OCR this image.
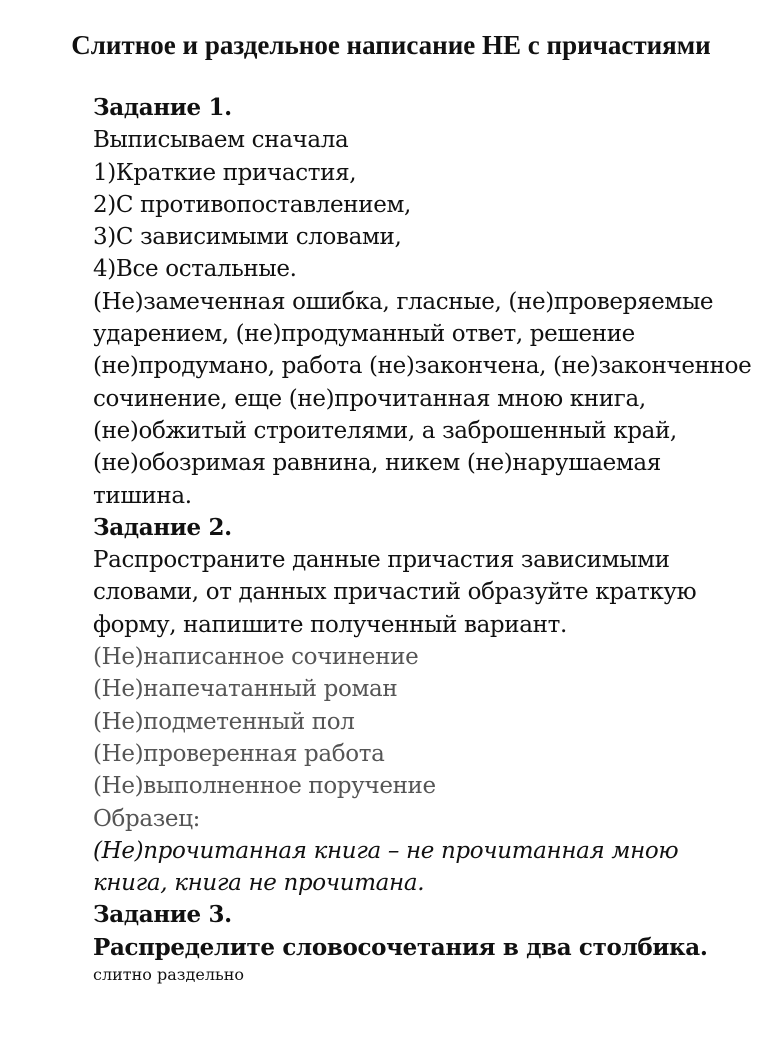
Слитное и раздельное написание НЕ с причастиями

Задание 1.

Выписываем сначала

1)Краткие причастия,

2)С противопоставлением,

3)С зависимыми словами,

4)Все остальные.

(Не)замеченная ошибка, гласные, (не)проверяемые ударением, (не)продуманный ответ, решение (не)продумано, работа (не)закончена, (не)законченное сочинение, еще (не)прочитанная мною книга, (не)обжитый строителями, а заброшенный край, (не)обозримая равнина, никем (не)нарушаемая тишина.

Задание 2.

Распространите данные причастия зависимыми словами, от данных причастий образуйте краткую форму, напишите полученный вариант.

(Не)написанное сочинение

(Не)напечатанный роман

(Не)подметенный пол

(Не)проверенная работа

(Не)выполненное поручение

Образец:

(Не)прочитанная книга – не прочитанная мною книга, книга не прочитана.

Задание 3.

Распределите словосочетания в два столбика.

слитно раздельно
